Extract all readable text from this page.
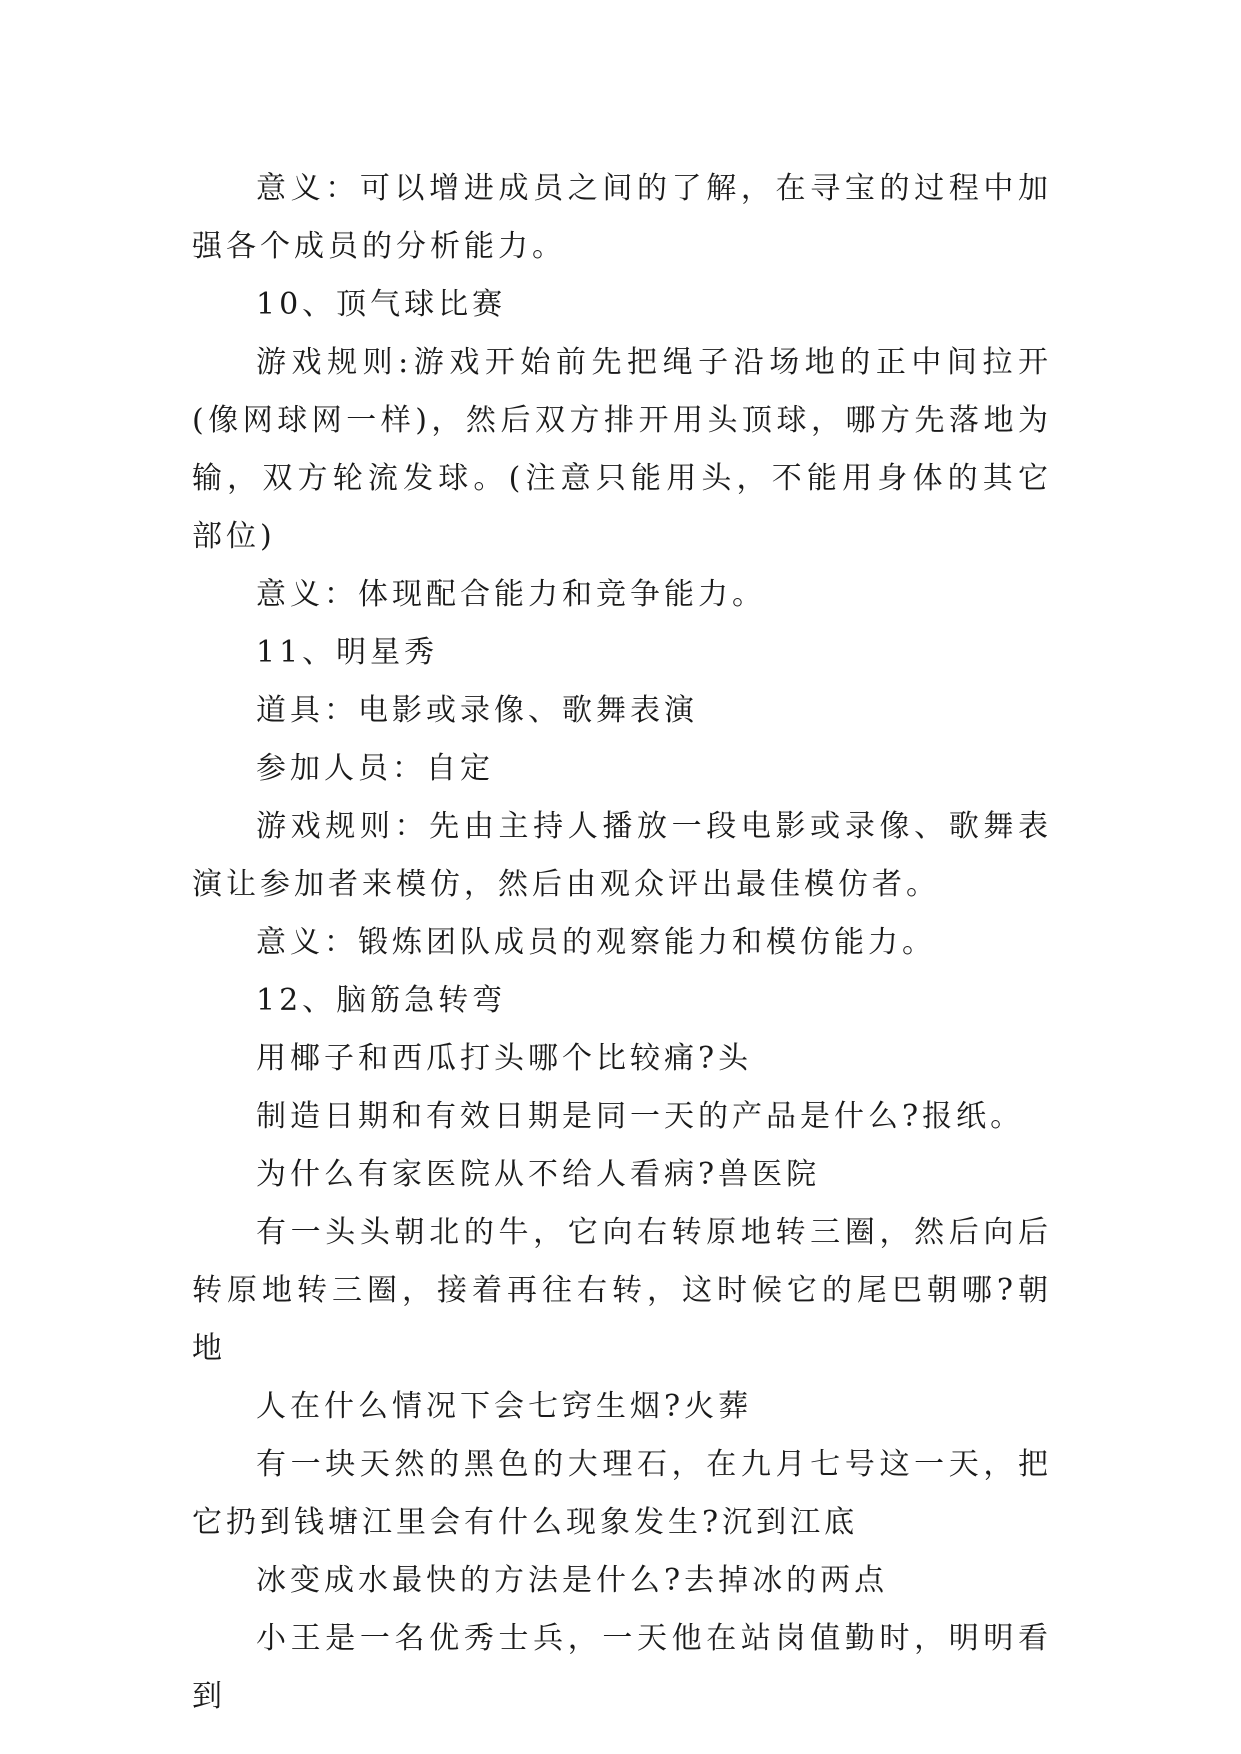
意义：可以增进成员之间的了解，在寻宝的过程中加强各个成员的分析能力。

10、顶气球比赛

游戏规则:游戏开始前先把绳子沿场地的正中间拉开(像网球网一样)，然后双方排开用头顶球，哪方先落地为输，双方轮流发球。(注意只能用头，不能用身体的其它部位)

意义：体现配合能力和竞争能力。

11、明星秀

道具：电影或录像、歌舞表演

参加人员：自定

游戏规则：先由主持人播放一段电影或录像、歌舞表演让参加者来模仿，然后由观众评出最佳模仿者。

意义：锻炼团队成员的观察能力和模仿能力。

12、脑筋急转弯

用椰子和西瓜打头哪个比较痛?头

制造日期和有效日期是同一天的产品是什么?报纸。

为什么有家医院从不给人看病?兽医院

有一头头朝北的牛，它向右转原地转三圈，然后向后转原地转三圈，接着再往右转，这时候它的尾巴朝哪?朝地

人在什么情况下会七窍生烟?火葬

有一块天然的黑色的大理石，在九月七号这一天，把它扔到钱塘江里会有什么现象发生?沉到江底

冰变成水最快的方法是什么?去掉冰的两点

小王是一名优秀士兵，一天他在站岗值勤时，明明看到
